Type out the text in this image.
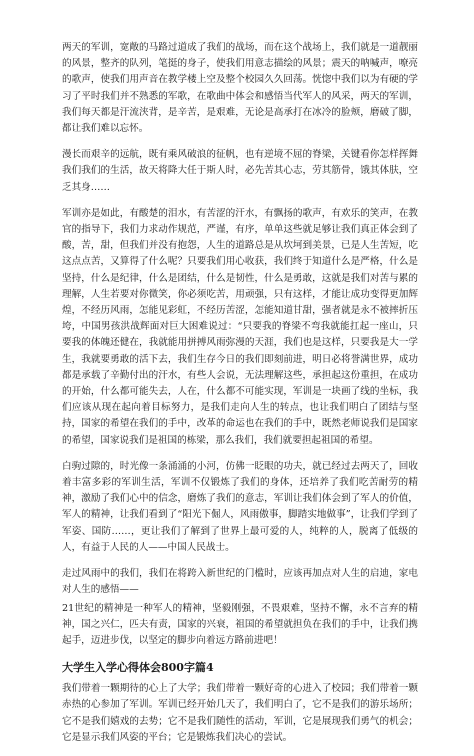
两天的军训，宽敞的马路过道成了我们的战场，而在这个战场上，我们就是一道靓丽的风景，整齐的队列，笔挺的身子，使我们用意志描绘的风景；震天的呐喊声，嘹亮的歌声，使我们用声音在教学楼上空及整个校园久久回荡。恍惚中我们以为有硬的学习了平时我们并不熟悉的军歌，在歌曲中体会和感悟当代军人的风采，两天的军训，我们每天都是汗流浃背，是辛苦，是艰难，无论是高承打在冰冷的脸颊，磨破了脚，都让我们难以忘怀。

漫长而艰辛的远航，既有乘风破浪的征帆，也有逆境不屈的脊梁，关键看你怎样挥舞我们我们的生活，故天将降大任于斯人时，必先苦其心志，劳其筋骨，饿其体肤，空乏其身……

军训亦是如此，有酸楚的泪水，有苦涩的汗水，有飘扬的歌声，有欢乐的笑声，在教官的指导下，我们力求动作规范，严谨，有序，单单这些就足够让我们真正体会到了酸，苦，甜，但我们并没有抱怨，人生的道路总是从坎坷到美景，已是人生苦短，吃这点点苦，又算得了什么呢？只要我们用心收获，我们终于知道什么是严格，什么是坚持，什么是纪律，什么是团结，什么是韧性，什么是勇敢，这就是我们对苦与累的理解，人生若要对你微笑，你必须吃苦，用顽强，只有这样，才能让成功变得更加辉煌，不经历风雨，怎能见彩虹，不经历苦涩，怎能知道甘甜，强者就是永不被摔折压垮，中国男孩洪战辉面对巨大困难说过：“只要我的脊梁不弯我就能扛起一座山，只要我的体魄还健在，我就能用拼搏风雨弥漫的天涯，我们也是这样，只要我是大一学生，我就要勇敢的活下去，我们生存今日的我们即刻前进，明日必将誉满世界，成功都是承载了辛勤付出的汗水，有些人会说，无法理解这些，承担起这份重担，在成功的开始，什么都可能失去，人在，什么都不可能实现，军训是一块画了线的坐标，我们应该从现在起向着目标努力，是我们走向人生的转点，也让我们明白了团结与坚持，国家的希望在我们的手中，改革的命运也在我们的手中，既然老师说我们是国家的希望，国家说我们是祖国的栋梁，那么我们，我们就要担起祖国的希望。

白驹过隙的，时光像一条涌涌的小河，仿佛一眨眼的功夫，就已经过去两天了，回收着丰富多彩的军训生活，军训不仅锻炼了我们的身体，还培养了我们吃苦耐劳的精神，激励了我们心中的信念，磨炼了我们的意志，军训让我们体会到了军人的价值，军人的精神，让我们看到了“阳光下倔人，风雨傲事，脚踏实地做事”，让我们学到了军姿、国防……，更让我们了解到了世界上最可爱的人，纯粹的人，脱离了低级的人，有益于人民的人——中国人民战士。

走过风雨中的我们，我们在将跨入新世纪的门槛时，应该再加点对人生的启迪，家电对人生的感悟——

21世纪的精神是一种军人的精神，坚毅刚强，不畏艰难，坚持不懈，永不言弃的精神，国之兴仁，匹夫有责，国家的兴衰，祖国的希望就担负在我们的手中，让我们携起手，迈进步伐，以坚定的脚步向着远方路前进吧！

大学生入学心得体会800字篇4

我们带着一颗期待的心上了大学；我们带着一颗好奇的心进入了校园；我们带着一颗赤热的心参加了军训。军训已经开始几天了，我们明白了，它不是我们的游乐场所；它不是我们嬉戏的去势；它不是我们随性的活动，军训，它是展现我们勇气的机会；它是显示我们风姿的平台；它是锻炼我们决心的尝试。
